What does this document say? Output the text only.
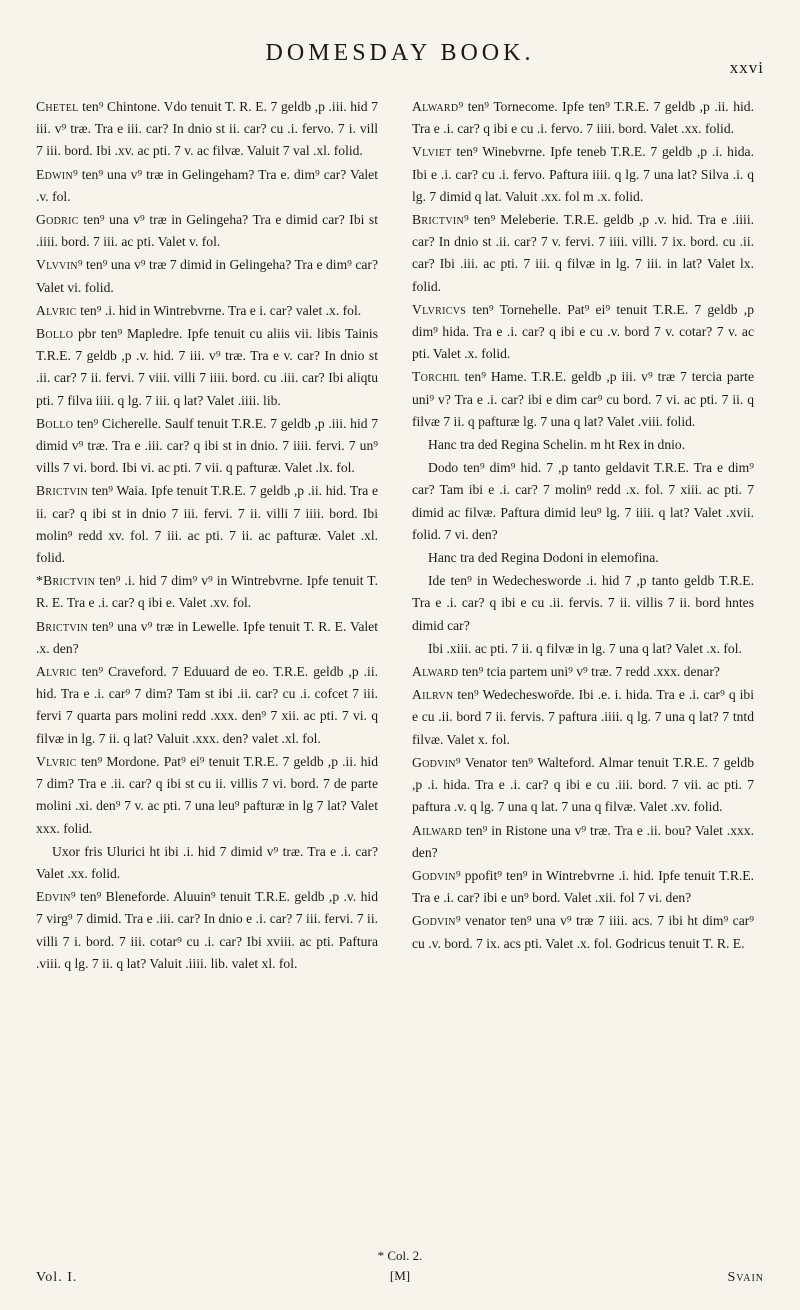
DOMESDAY BOOK.
xxvi

Chetel ten⁹ Chintone. Vdo tenuit T. R. E. 7 geldb ,p .iii. hid 7 iii. v⁹ træ. Tra e iii. car? In dnio st ii. car? cu .i. fervo. 7 i. vill 7 iii. bord. Ibi .xv. ac pti. 7 v. ac filvæ. Valuit 7 val .xl. folid.

Edwin⁹ ten⁹ una v⁹ træ in Gelingeham? Tra e. dim⁹ car? Valet .v. fol.

Godric ten⁹ una v⁹ træ in Gelingeha? Tra e dimid car? Ibi st .iiii. bord. 7 iii. ac pti. Valet v. fol.

Vlvvin⁹ ten⁹ una v⁹ træ 7 dimid in Gelingeha? Tra e dim⁹ car? Valet vi. folid.

Alvric ten⁹ .i. hid in Wintrebvrne. Tra e i. car? valet .x. fol.

Bollo pbr ten⁹ Mapledre. Ipfe tenuit cu aliis vii. libis Tainis T.R.E. 7 geldb ,p .v. hid. 7 iii. v⁹ træ. Tra e v. car? In dnio st .ii. car? 7 ii. fervi. 7 viii. villi 7 iiii. bord. cu .iii. car? Ibi aliqtu pti. 7 filva iiii. q lg. 7 iii. q lat? Valet .iiii. lib.

Bollo ten⁹ Cicherelle. Saulf tenuit T.R.E. 7 geldb ,p .iii. hid 7 dimid v⁹ træ. Tra e .iii. car? q ibi st in dnio. 7 iiii. fervi. 7 un⁹ vills 7 vi. bord. Ibi vi. ac pti. 7 vii. q pafturæ. Valet .lx. fol.

Brictvin ten⁹ Waia. Ipfe tenuit T.R.E. 7 geldb ,p .ii. hid. Tra e ii. car? q ibi st in dnio 7 iii. fervi. 7 ii. villi 7 iiii. bord. Ibi molin⁹ redd xv. fol. 7 iii. ac pti. 7 ii. ac pafturæ. Valet .xl. folid.

*Brictvin ten⁹ .i. hid 7 dim⁹ v⁹ in Wintrebvrne. Ipfe tenuit T. R. E. Tra e .i. car? q ibi e. Valet .xv. fol.

Brictvin ten⁹ una v⁹ træ in Lewelle. Ipfe tenuit T. R. E. Valet .x. den?

Alvric ten⁹ Craveford. 7 Eduuard de eo. T.R.E. geldb ,p .ii. hid. Tra e .i. car⁹ 7 dim? Tam st ibi .ii. car? cu .i. cofcet 7 iii. fervi 7 quarta pars molini redd .xxx. den⁹ 7 xii. ac pti. 7 vi. q filvæ in lg. 7 ii. q lat? Valuit .xxx. den? valet .xl. fol.

Vlvric ten⁹ Mordone. Pat⁹ ei⁹ tenuit T.R.E. 7 geldb ,p .ii. hid 7 dim? Tra e .ii. car? q ibi st cu ii. villis 7 vi. bord. 7 de parte molini .xi. den⁹ 7 v. ac pti. 7 una leu⁹ pafturæ in lg 7 lat? Valet xxx. folid.

Uxor fris Ulurici ht ibi .i. hid 7 dimid v⁹ træ. Tra e .i. car? Valet .xx. folid.

Edvin⁹ ten⁹ Bleneforde. Aluuin⁹ tenuit T.R.E. geldb ,p .v. hid 7 virg⁹ 7 dimid. Tra e .iii. car? In dnio e .i. car? 7 iii. fervi. 7 ii. villi 7 i. bord. 7 iii. cotar⁹ cu .i. car? Ibi xviii. ac pti. Paftura .viii. q lg. 7 ii. q lat? Valuit .iiii. lib. valet xl. fol.

Alward⁹ ten⁹ Tornecome. Ipfe ten⁹ T.R.E. 7 geldb ,p .ii. hid. Tra e .i. car? q ibi e cu .i. fervo. 7 iiii. bord. Valet .xx. folid.

Vlviet ten⁹ Winebvrne. Ipfe teneb T.R.E. 7 geldb ,p .i. hida. Ibi e .i. car? cu .i. fervo. Paftura iiii. q lg. 7 una lat? Silva .i. q lg. 7 dimid q lat. Valuit .xx. fol m .x. folid.

Brictvin⁹ ten⁹ Meleberie. T.R.E. geldb ,p .v. hid. Tra e .iiii. car? In dnio st .ii. car? 7 v. fervi. 7 iiii. villi. 7 ix. bord. cu .ii. car? Ibi .iii. ac pti. 7 iii. q filvæ in lg. 7 iii. in lat? Valet lx. folid.

Vlvricvs ten⁹ Tornehelle. Pat⁹ ei⁹ tenuit T.R.E. 7 geldb ,p dim⁹ hida. Tra e .i. car? q ibi e cu .v. bord 7 v. cotar? 7 v. ac pti. Valet .x. folid.

Torchil ten⁹ Hame. T.R.E. geldb ,p iii. v⁹ træ 7 tercia parte uni⁹ v? Tra e .i. car? ibi e dim car⁹ cu bord. 7 vi. ac pti. 7 ii. q filvæ 7 ii. q pafturæ lg. 7 una q lat? Valet .viii. folid.

Hanc tra ded Regina Schelin. m ht Rex in dnio.

Dodo ten⁹ dim⁹ hid. 7 ,p tanto geldavit T.R.E. Tra e dim⁹ car? Tam ibi e .i. car? 7 molin⁹ redd .x. fol. 7 xiii. ac pti. 7 dimid ac filvæ. Paftura dimid leu⁹ lg. 7 iiii. q lat? Valet .xvii. folid. 7 vi. den?

Hanc tra ded Regina Dodoni in elemofina.

Ide ten⁹ in Wedechesworde .i. hid 7 ,p tanto geldb T.R.E. Tra e .i. car? q ibi e cu .ii. fervis. 7 ii. villis 7 ii. bord hntes dimid car?

Ibi .xiii. ac pti. 7 ii. q filvæ in lg. 7 una q lat? Valet .x. fol.

Alward ten⁹ tcia partem uni⁹ v⁹ træ. 7 redd .xxx. denar?

Ailrvn ten⁹ Wedecheswor̄de. Ibi .e. i. hida. Tra e .i. car⁹ q ibi e cu .ii. bord 7 ii. fervis. 7 paftura .iiii. q lg. 7 una q lat? 7 tntd filvæ. Valet x. fol.

Godvin⁹ Venator ten⁹ Walteford. Almar tenuit T.R.E. 7 geldb ,p .i. hida. Tra e .i. car? q ibi e cu .iii. bord. 7 vii. ac pti. 7 paftura .v. q lg. 7 una q lat. 7 una q filvæ. Valet .xv. folid.

Ailward ten⁹ in Ristone una v⁹ træ. Tra e .ii. bou? Valet .xxx. den?

Godvin⁹ ppofit⁹ ten⁹ in Wintrebvrne .i. hid. Ipfe tenuit T.R.E. Tra e .i. car? ibi e un⁹ bord. Valet .xii. fol 7 vi. den?

Godvin⁹ venator ten⁹ una v⁹ træ 7 iiii. acs. 7 ibi ht dim⁹ car⁹ cu .v. bord. 7 ix. acs pti. Valet .x. fol. Godricus tenuit T. R. E.

* Col. 2.
[M]
Vol. I.	Svain
